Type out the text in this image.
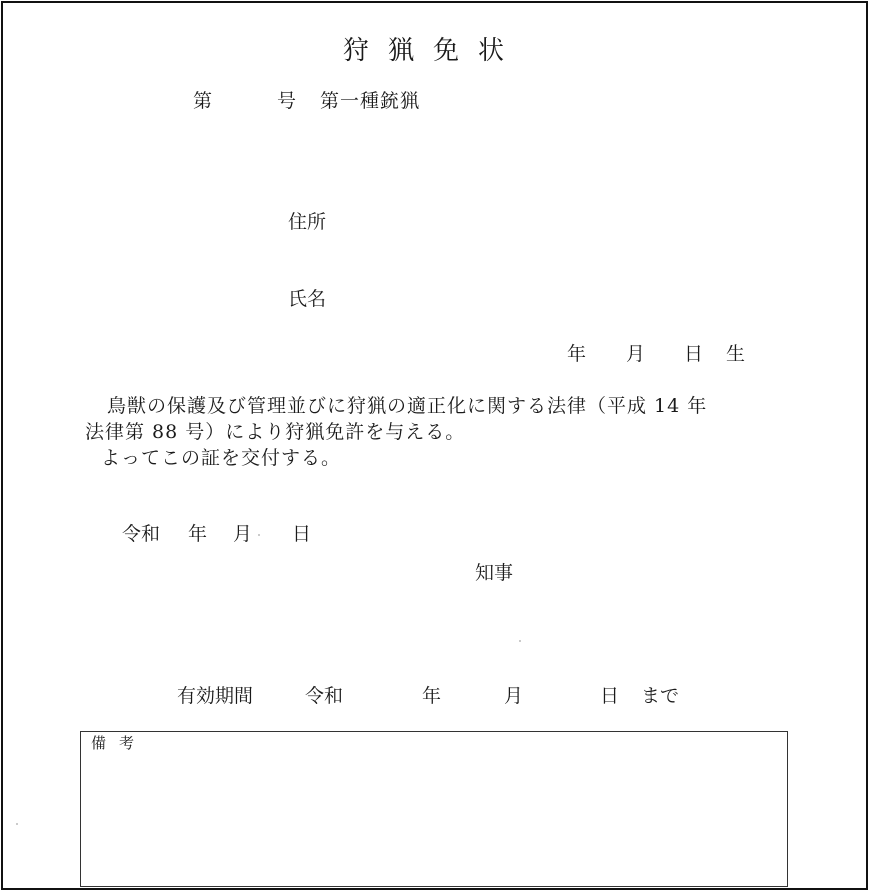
狩猟免状
第	号 第一種銃猟
住所
氏名
年 月 日 生
鳥獣の保護及び管理並びに狩猟の適正化に関する法律（平成 14 年
法律第 88 号）により狩猟免許を与える。
よってこの証を交付する。
令和 年 月 日
知事
有効期間	令和	年	月	日 まで
備考
